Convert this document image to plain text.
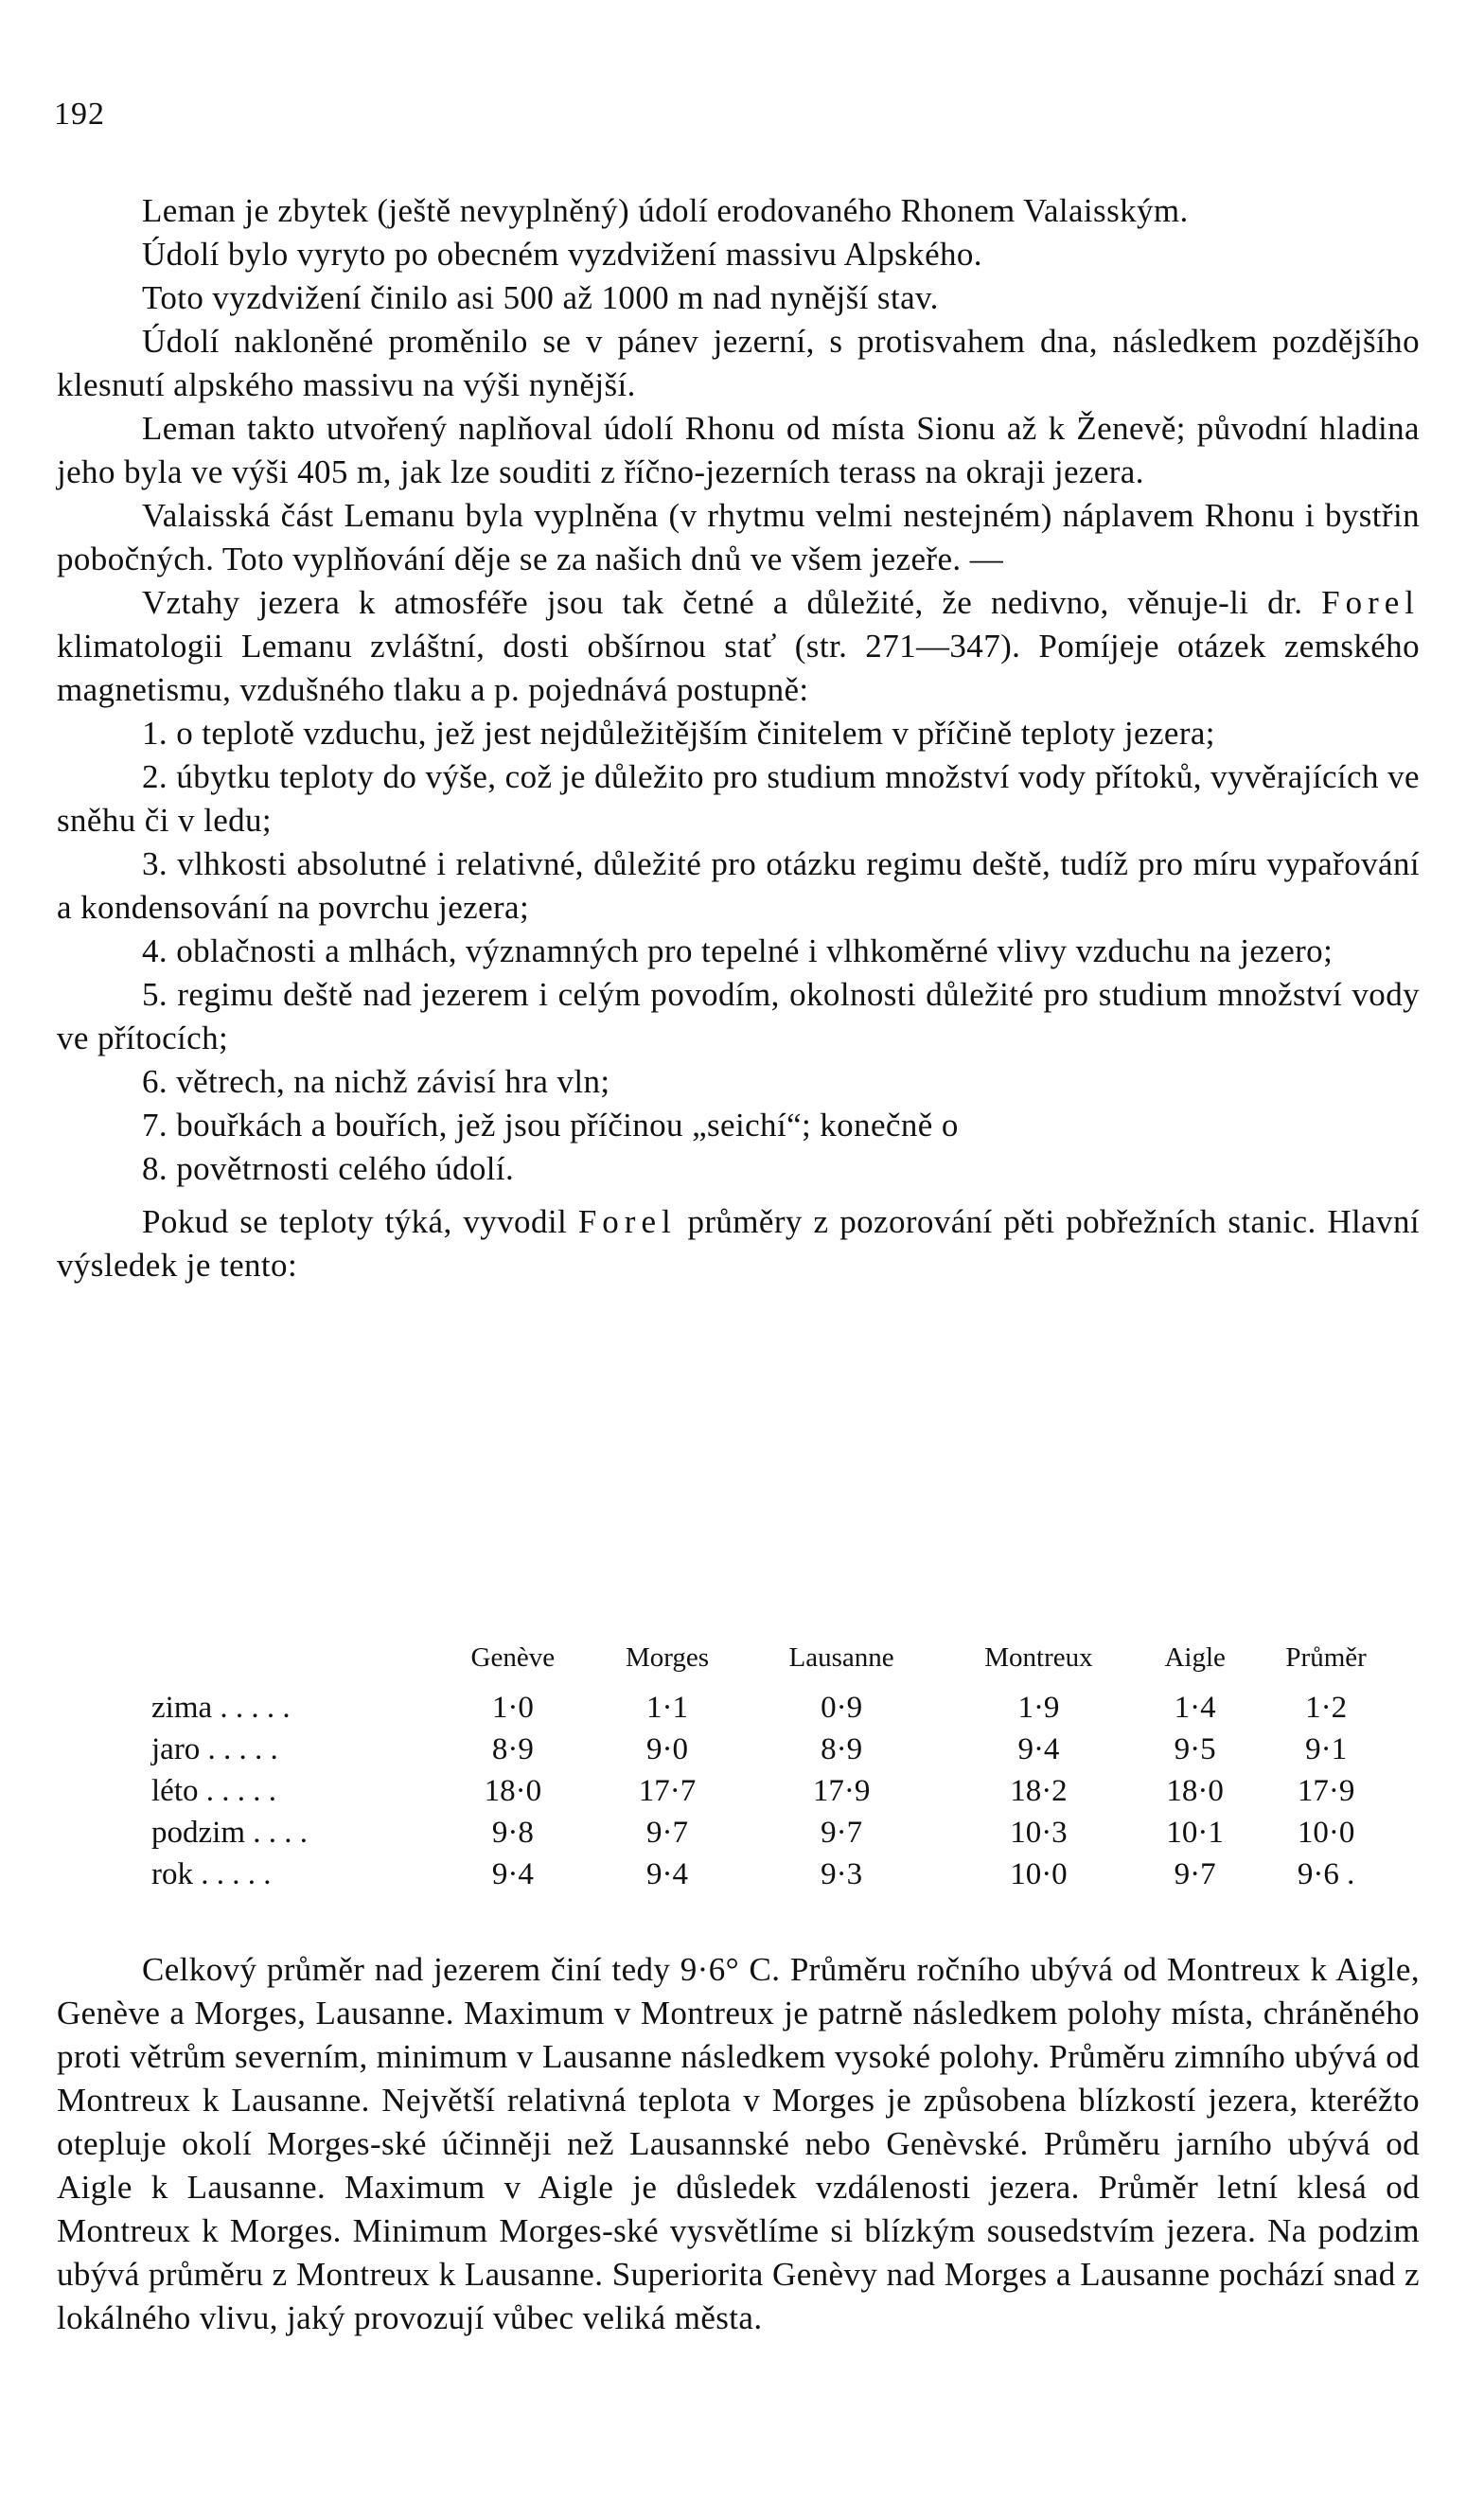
192

Leman je zbytek (ještě nevyplněný) údolí erodovaného Rhonem Valaisským.

Údolí bylo vyryto po obecném vyzdvižení massivu Alpského.

Toto vyzdvižení činilo asi 500 až 1000 m nad nynější stav.

Údolí nakloněné proměnilo se v pánev jezerní, s protisvahem dna, následkem pozdějšího klesnutí alpského massivu na výši nynější.

Leman takto utvořený naplňoval údolí Rhonu od místa Sionu až k Ženevě; původní hladina jeho byla ve výši 405 m, jak lze souditi z říčno-jezerních terass na okraji jezera.

Valaisská část Lemanu byla vyplněna (v rhytmu velmi nestejném) náplavem Rhonu i bystřin pobočných. Toto vyplňování děje se za našich dnů ve všem jezeře. —

Vztahy jezera k atmosféře jsou tak četné a důležité, že nedivno, věnuje-li dr. Forel klimatologii Lemanu zvláštní, dosti obšírnou stať (str. 271—347). Pomíjeje otázek zemského magnetismu, vzdušného tlaku a p. pojednává postupně:

1. o teplotě vzduchu, jež jest nejdůležitějším činitelem v příčině teploty jezera;

2. úbytku teploty do výše, což je důležito pro studium množství vody přítoků, vyvěrajících ve sněhu či v ledu;

3. vlhkosti absolutné i relativné, důležité pro otázku regimu deště, tudíž pro míru vypařování a kondensování na povrchu jezera;

4. oblačnosti a mlhách, významných pro tepelné i vlhkoměrné vlivy vzduchu na jezero;

5. regimu deště nad jezerem i celým povodím, okolnosti důležité pro studium množství vody ve přítocích;

6. větrech, na nichž závisí hra vln;

7. bouřkách a bouřích, jež jsou příčinou „seichí“; konečně o

8. povětrnosti celého údolí.

Pokud se teploty týká, vyvodil Forel průměry z pozorování pěti pobřežních stanic. Hlavní výsledek je tento:

	Genève	Morges	Lausanne	Montreux	Aigle	Průměr
zima . . . . .	1·0	1·1	0·9	1·9	1·4	1·2
jaro . . . . .	8·9	9·0	8·9	9·4	9·5	9·1
léto . . . . .	18·0	17·7	17·9	18·2	18·0	17·9
podzim . . . .	9·8	9·7	9·7	10·3	10·1	10·0
rok . . . . .	9·4	9·4	9·3	10·0	9·7	9·6 .

Celkový průměr nad jezerem činí tedy 9·6° C. Průměru ročního ubývá od Montreux k Aigle, Genève a Morges, Lausanne. Maximum v Montreux je patrně následkem polohy místa, chráněného proti větrům severním, minimum v Lausanne následkem vysoké polohy. Průměru zimního ubývá od Montreux k Lausanne. Největší relativná teplota v Morges je způsobena blízkostí jezera, kteréžto otepluje okolí Morges-ské účinněji než Lausannské nebo Genèvské. Průměru jarního ubývá od Aigle k Lausanne. Maximum v Aigle je důsledek vzdálenosti jezera. Průměr letní klesá od Montreux k Morges. Minimum Morges-ské vysvětlíme si blízkým sousedstvím jezera. Na podzim ubývá průměru z Montreux k Lausanne. Superiorita Genèvy nad Morges a Lausanne pochází snad z lokálného vlivu, jaký provozují vůbec veliká města.
